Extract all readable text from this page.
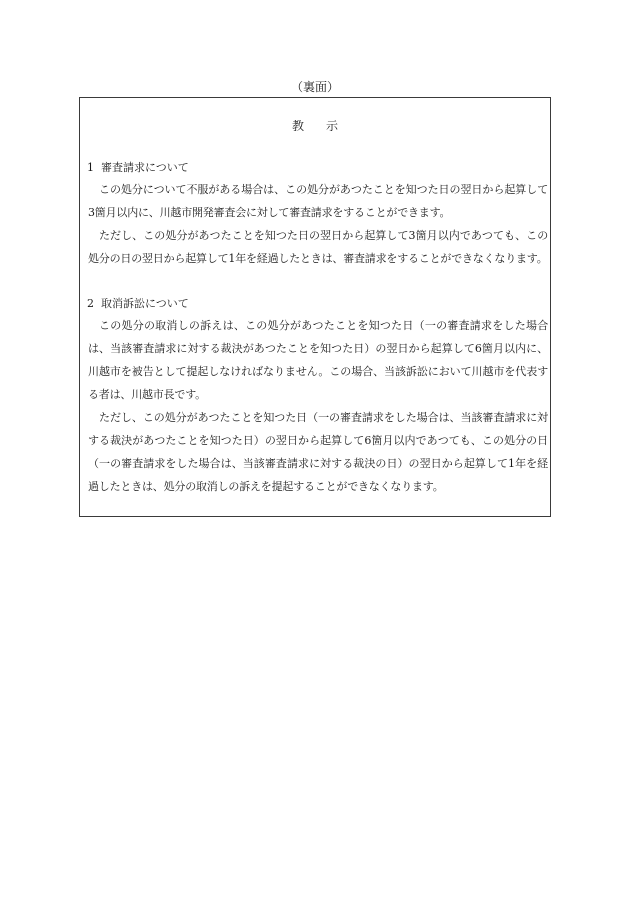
（裏面）
教示
1 審査請求について
この処分について不服がある場合は、この処分があつたことを知つた日の翌日から起算して3箇月以内に、川越市開発審査会に対して審査請求をすることができます。
ただし、この処分があつたことを知つた日の翌日から起算して3箇月以内であつても、この処分の日の翌日から起算して1年を経過したときは、審査請求をすることができなくなります。
2 取消訴訟について
この処分の取消しの訴えは、この処分があつたことを知つた日（一の審査請求をした場合は、当該審査請求に対する裁決があつたことを知つた日）の翌日から起算して6箇月以内に、川越市を被告として提起しなければなりません。この場合、当該訴訟において川越市を代表する者は、川越市長です。
ただし、この処分があつたことを知つた日（一の審査請求をした場合は、当該審査請求に対する裁決があつたことを知つた日）の翌日から起算して6箇月以内であつても、この処分の日（一の審査請求をした場合は、当該審査請求に対する裁決の日）の翌日から起算して1年を経過したときは、処分の取消しの訴えを提起することができなくなります。
